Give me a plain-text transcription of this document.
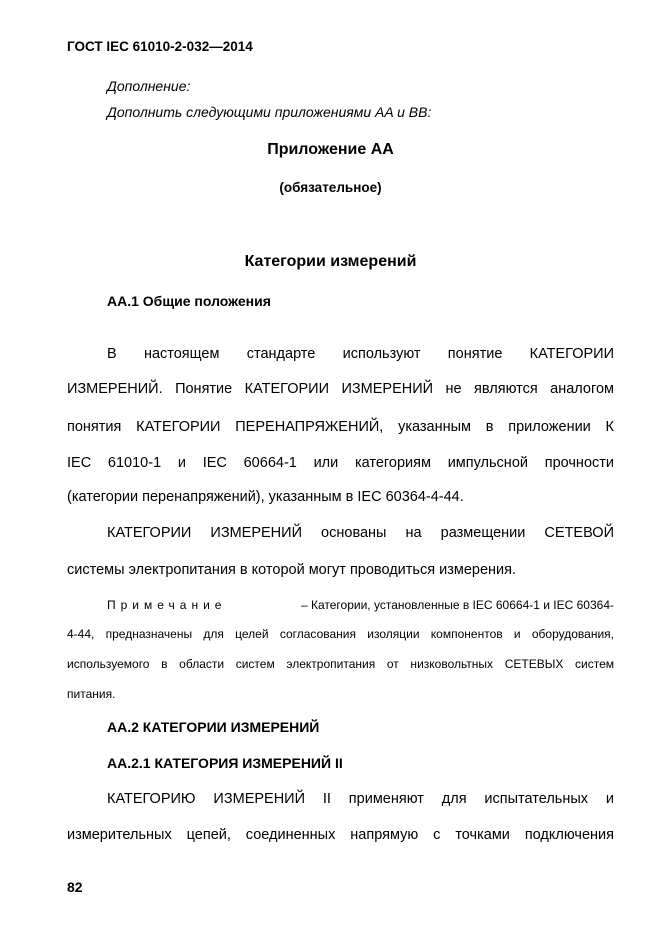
ГОСТ IEC 61010-2-032—2014
Дополнение:
Дополнить следующими приложениями AA и BB:
Приложение АА
(обязательное)
Категории измерений
АА.1 Общие положения
В настоящем стандарте используют понятие КАТЕГОРИИ
ИЗМЕРЕНИЙ. Понятие КАТЕГОРИИ ИЗМЕРЕНИЙ не являются аналогом
понятия КАТЕГОРИИ ПЕРЕНАПРЯЖЕНИЙ, указанным в приложении К
IEC 61010-1 и IEC 60664-1 или категориям импульсной прочности
(категории перенапряжений), указанным в IEC 60364-4-44.
КАТЕГОРИИ ИЗМЕРЕНИЙ основаны на размещении СЕТЕВОЙ
системы электропитания в которой могут проводиться измерения.
Примечание	– Категории, установленные в IEC 60664-1 и IEC 60364-
4-44, предназначены для целей согласования изоляции компонентов и оборудования,
используемого в области систем электропитания от низковольтных СЕТЕВЫХ систем
питания.
АА.2 КАТЕГОРИИ ИЗМЕРЕНИЙ
АА.2.1 КАТЕГОРИЯ ИЗМЕРЕНИЙ II
КАТЕГОРИЮ ИЗМЕРЕНИЙ II применяют для испытательных и
измерительных цепей, соединенных напрямую с точками подключения
82
